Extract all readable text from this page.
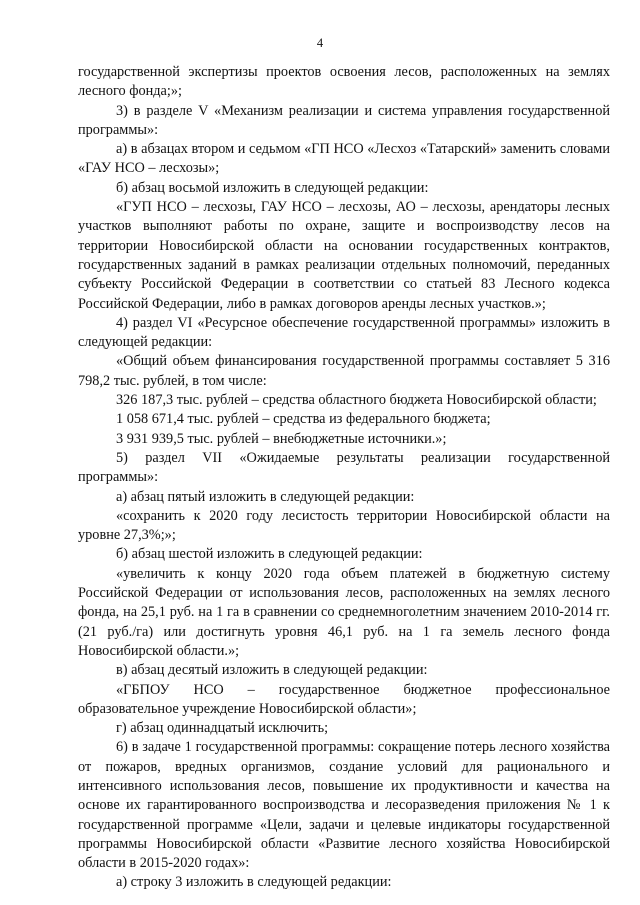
4

государственной экспертизы проектов освоения лесов, расположенных на землях лесного фонда;»;

3) в разделе V «Механизм реализации и система управления государственной программы»:

а) в абзацах втором и седьмом «ГП НСО «Лесхоз «Татарский» заменить словами «ГАУ НСО – лесхозы»;

б) абзац восьмой изложить в следующей редакции:

«ГУП НСО – лесхозы, ГАУ НСО – лесхозы, АО – лесхозы, арендаторы лесных участков выполняют работы по охране, защите и воспроизводству лесов на территории Новосибирской области на основании государственных контрактов, государственных заданий в рамках реализации отдельных полномочий, переданных субъекту Российской Федерации в соответствии со статьей 83 Лесного кодекса Российской Федерации, либо в рамках договоров аренды лесных участков.»;

4) раздел VI «Ресурсное обеспечение государственной программы» изложить в следующей редакции:

«Общий объем финансирования государственной программы составляет 5 316 798,2 тыс. рублей, в том числе:

326 187,3 тыс. рублей – средства областного бюджета Новосибирской области;

1 058 671,4 тыс. рублей – средства из федерального бюджета;

3 931 939,5 тыс. рублей – внебюджетные источники.»;

5) раздел VII «Ожидаемые результаты реализации государственной программы»:

а) абзац пятый изложить в следующей редакции:

«сохранить к 2020 году лесистость территории Новосибирской области на уровне 27,3%;»;

б) абзац шестой изложить в следующей редакции:

«увеличить к концу 2020 года объем платежей в бюджетную систему Российской Федерации от использования лесов, расположенных на землях лесного фонда, на 25,1 руб. на 1 га в сравнении со среднемноголетним значением 2010-2014 гг. (21 руб./га) или достигнуть уровня 46,1 руб. на 1 га земель лесного фонда Новосибирской области.»;

в) абзац десятый изложить в следующей редакции:

«ГБПОУ НСО – государственное бюджетное профессиональное образовательное учреждение Новосибирской области»;

г) абзац одиннадцатый исключить;

6) в задаче 1 государственной программы: сокращение потерь лесного хозяйства от пожаров, вредных организмов, создание условий для рационального и интенсивного использования лесов, повышение их продуктивности и качества на основе их гарантированного воспроизводства и лесоразведения приложения № 1 к государственной программе «Цели, задачи и целевые индикаторы государственной программы Новосибирской области «Развитие лесного хозяйства Новосибирской области в 2015-2020 годах»:

а) строку 3 изложить в следующей редакции:
